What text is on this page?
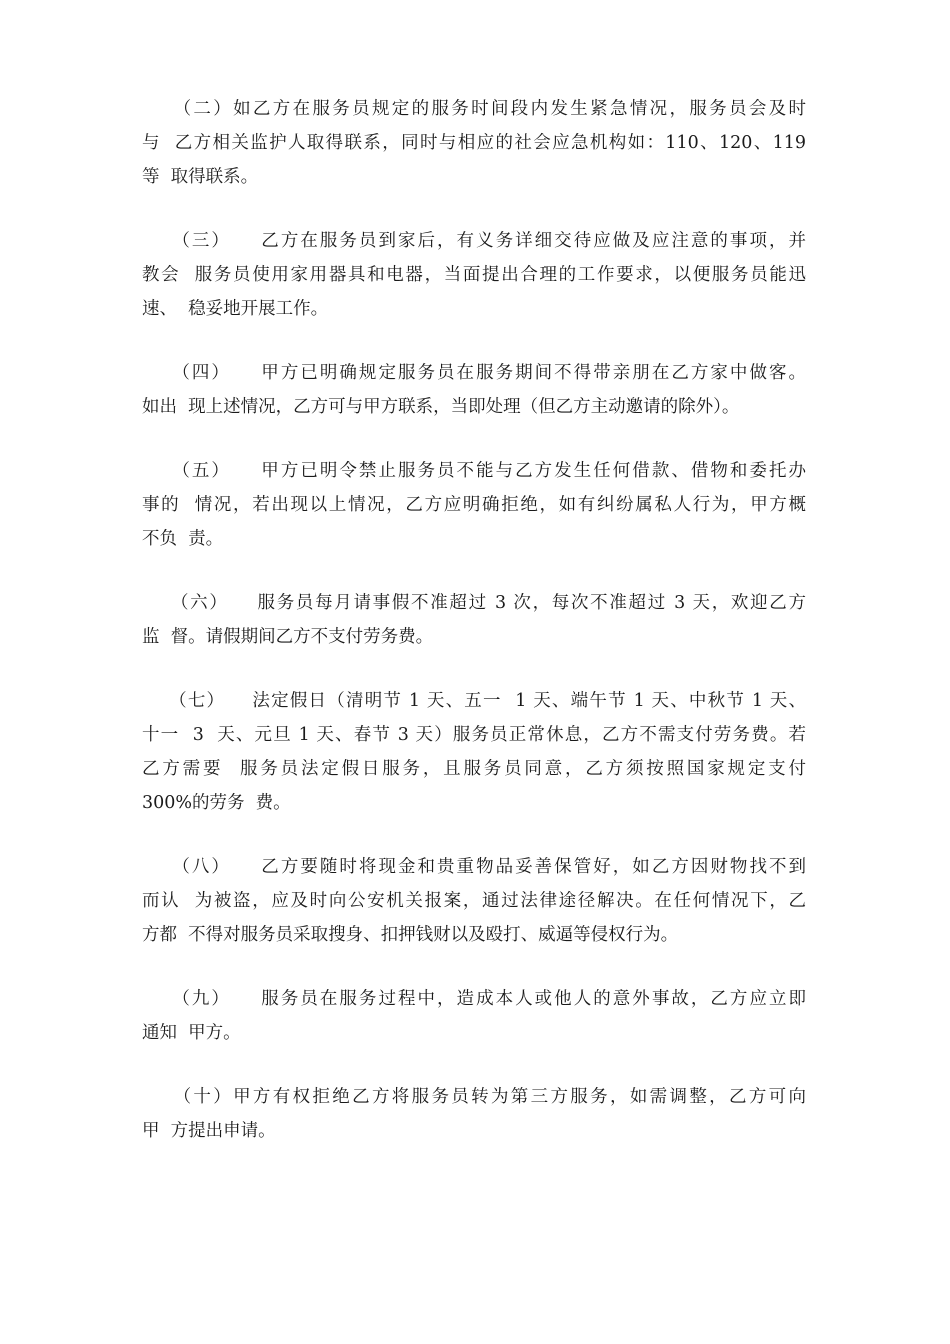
（二）如乙方在服务员规定的服务时间段内发生紧急情况，服务员会及时
与  乙方相关监护人取得联系，同时与相应的社会应急机构如：110、120、119
等  取得联系。
（三）    乙方在服务员到家后，有义务详细交待应做及应注意的事项，并
教会  服务员使用家用器具和电器，当面提出合理的工作要求，以便服务员能迅
速、  稳妥地开展工作。
（四）    甲方已明确规定服务员在服务期间不得带亲朋在乙方家中做客。
如出  现上述情况，乙方可与甲方联系，当即处理（但乙方主动邀请的除外）。
（五）    甲方已明令禁止服务员不能与乙方发生任何借款、借物和委托办
事的  情况，若出现以上情况，乙方应明确拒绝，如有纠纷属私人行为，甲方概
不负  责。
（六）    服务员每月请事假不准超过 3 次，每次不准超过 3 天，欢迎乙方
监  督。请假期间乙方不支付劳务费。
（七）    法定假日（清明节 1 天、五一  1 天、端午节 1 天、中秋节 1 天、
十一  3  天、元旦 1 天、春节 3 天）服务员正常休息，乙方不需支付劳务费。若
乙方需要  服务员法定假日服务，且服务员同意，乙方须按照国家规定支付
300%的劳务  费。
（八）    乙方要随时将现金和贵重物品妥善保管好，如乙方因财物找不到
而认  为被盗，应及时向公安机关报案，通过法律途径解决。在任何情况下，乙
方都  不得对服务员采取搜身、扣押钱财以及殴打、威逼等侵权行为。
（九）    服务员在服务过程中，造成本人或他人的意外事故，乙方应立即
通知  甲方。
（十）甲方有权拒绝乙方将服务员转为第三方服务，如需调整，乙方可向
甲  方提出申请。
